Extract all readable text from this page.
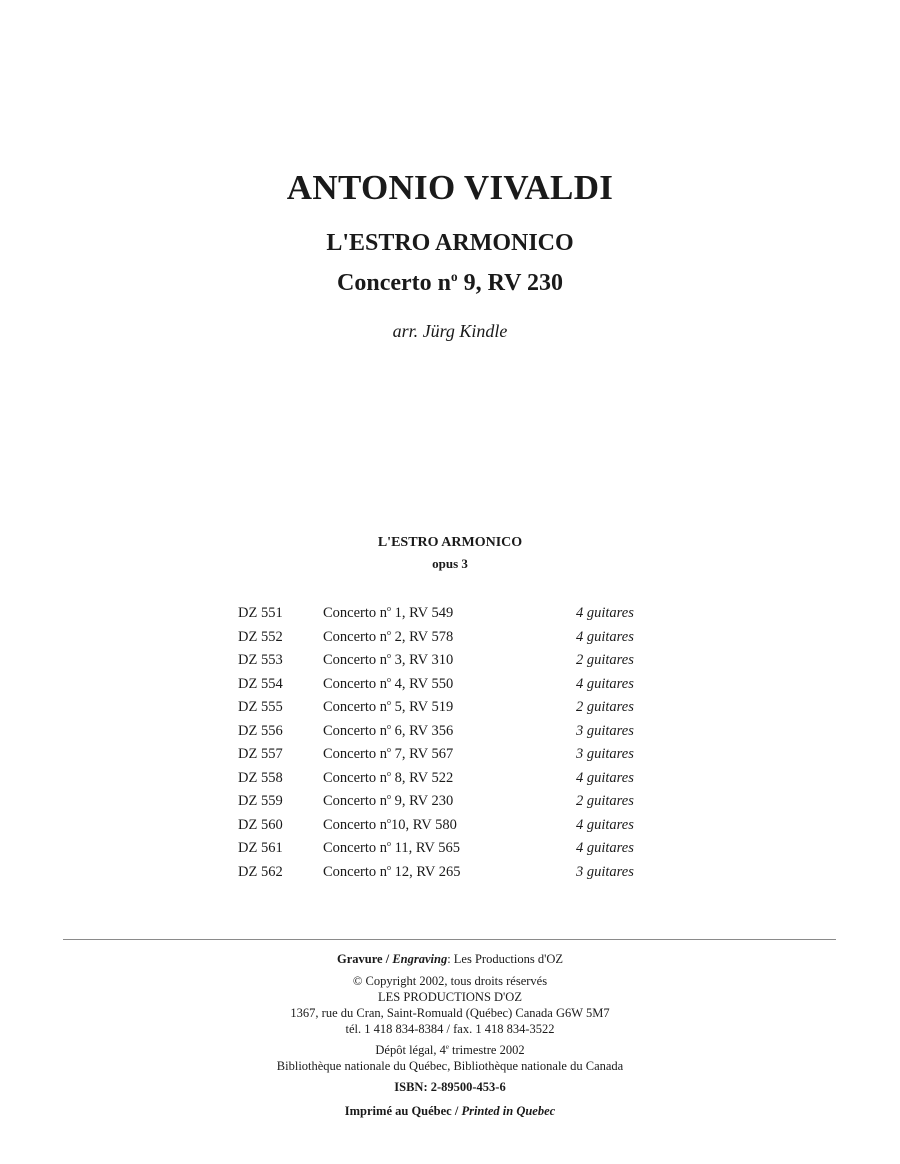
ANTONIO VIVALDI
L'ESTRO ARMONICO
Concerto $n^o$ 9, RV 230
arr. Jürg Kindle
L'ESTRO ARMONICO
opus 3
DZ 551	Concerto $n^o$ 1, RV 549	4 guitares
DZ 552	Concerto $n^o$ 2, RV 578	4 guitares
DZ 553	Concerto $n^o$ 3, RV 310	2 guitares
DZ 554	Concerto $n^o$ 4, RV 550	4 guitares
DZ 555	Concerto $n^o$ 5, RV 519	2 guitares
DZ 556	Concerto $n^o$ 6, RV 356	3 guitares
DZ 557	Concerto $n^o$ 7, RV 567	3 guitares
DZ 558	Concerto $n^o$ 8, RV 522	4 guitares
DZ 559	Concerto $n^o$ 9, RV 230	2 guitares
DZ 560	Concerto $n^o10$, RV 580	4 guitares
DZ 561	Concerto $n^o$ 11, RV 565	4 guitares
DZ 562	Concerto $n^o$ 12, RV 265	3 guitares
Gravure / Engraving: Les Productions d'OZ
© Copyright 2002, tous droits réservés
LES PRODUCTIONS D'OZ
1367, rue du Cran, Saint-Romuald (Québec) Canada G6W 5M7
tél. 1 418 834-8384 / fax. 1 418 834-3522
Dépôt légal, 4e trimestre 2002
Bibliothèque nationale du Québec, Bibliothèque nationale du Canada
ISBN: 2-89500-453-6
Imprimé au Québec / Printed in Quebec
